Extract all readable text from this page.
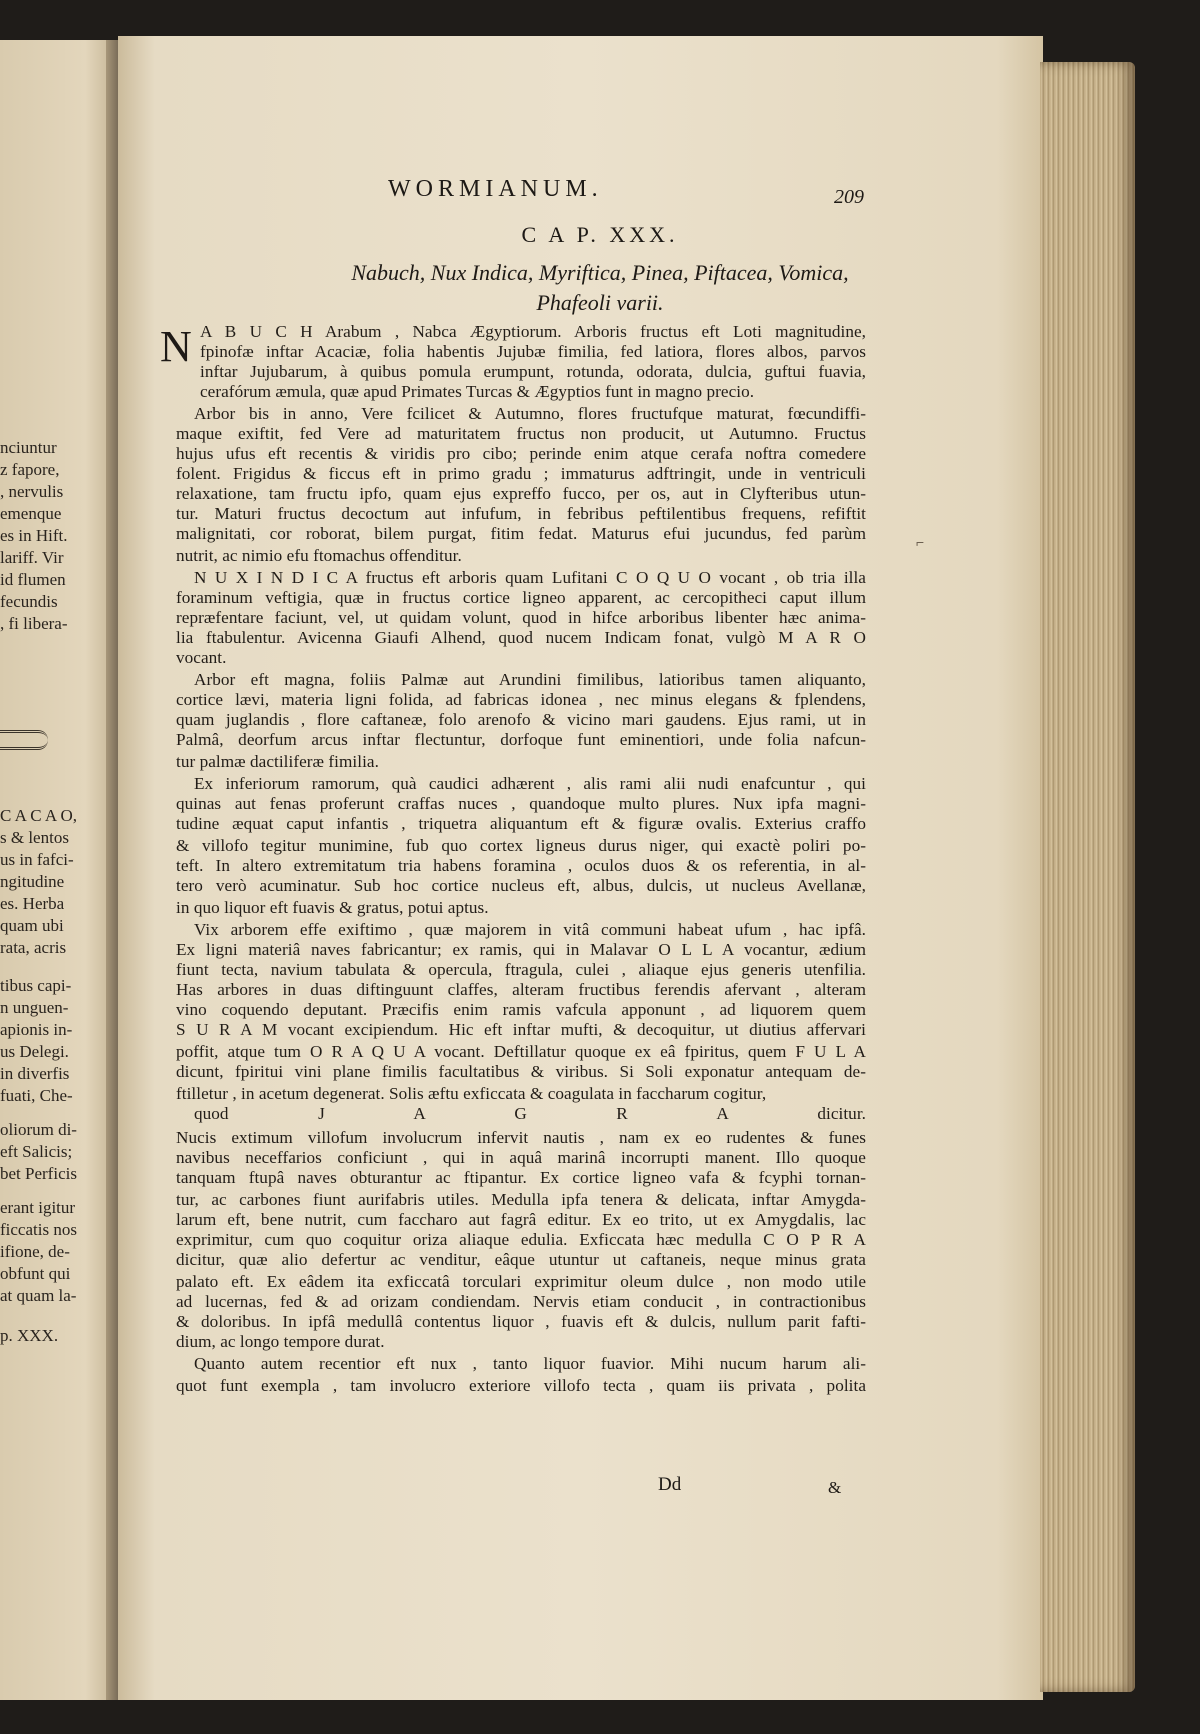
WORMIANUM.	209
C A P. XXX.
Nabuch, Nux Indica, Myriftica, Pinea, Piftacea, Vomica,
Phafeoli varii.
N A B U C H Arabum , Nabca Ægyptiorum. Arboris fructus eft Loti magnitudine,
fpinofæ inftar Acaciæ, folia habentis Jujubæ fimilia, fed latiora, flores albos, parvos
inftar Jujubarum, à quibus pomula erumpunt, rotunda, odorata, dulcia, guftui fuavia,
cerafórum æmula, quæ apud Primates Turcas & Ægyptios funt in magno precio.
Arbor bis in anno, Vere fcilicet & Autumno, flores fructufque maturat, fœcundiffi-
maque exiftit, fed Vere ad maturitatem fructus non producit, ut Autumno. Fructus
hujus ufus eft recentis & viridis pro cibo; perinde enim atque cerafa noftra comedere
folent. Frigidus & ficcus eft in primo gradu ; immaturus adftringit, unde in ventriculi
relaxatione, tam fructu ipfo, quam ejus expreffo fucco, per os, aut in Clyfteribus utun-
tur. Maturi fructus decoctum aut infufum, in febribus peftilentibus frequens, refiftit
malignitati, cor roborat, bilem purgat, fitim fedat. Maturus efui jucundus, fed parùm
nutrit, ac nimio efu ftomachus offenditur.
N U X I N D I C A fructus eft arboris quam Lufitani C O Q U O vocant , ob tria illa
foraminum veftigia, quæ in fructus cortice ligneo apparent, ac cercopitheci caput illum
repræfentare faciunt, vel, ut quidam volunt, quod in hifce arboribus libenter hæc anima-
lia ftabulentur. Avicenna Giaufi Alhend, quod nucem Indicam fonat, vulgò M A R O
vocant.
Arbor eft magna, foliis Palmæ aut Arundini fimilibus, latioribus tamen aliquanto,
cortice lævi, materia ligni folida, ad fabricas idonea , nec minus elegans & fplendens,
quam juglandis , flore caftaneæ, folo arenofo & vicino mari gaudens. Ejus rami, ut in
Palmâ, deorfum arcus inftar flectuntur, dorfoque funt eminentiori, unde folia nafcun-
tur palmæ dactiliferæ fimilia.
Ex inferiorum ramorum, quà caudici adhærent , alis rami alii nudi enafcuntur , qui
quinas aut fenas proferunt craffas nuces , quandoque multo plures. Nux ipfa magni-
tudine æquat caput infantis , triquetra aliquantum eft & figuræ ovalis. Exterius craffo
& villofo tegitur munimine, fub quo cortex ligneus durus niger, qui exactè poliri po-
teft. In altero extremitatum tria habens foramina , oculos duos & os referentia, in al-
tero verò acuminatur. Sub hoc cortice nucleus eft, albus, dulcis, ut nucleus Avellanæ,
in quo liquor eft fuavis & gratus, potui aptus.
Vix arborem effe exiftimo , quæ majorem in vitâ communi habeat ufum , hac ipfâ.
Ex ligni materiâ naves fabricantur; ex ramis, qui in Malavar O L L A vocantur, ædium
fiunt tecta, navium tabulata & opercula, ftragula, culei , aliaque ejus generis utenfilia.
Has arbores in duas diftinguunt claffes, alteram fructibus ferendis afervant , alteram
vino coquendo deputant. Præcifis enim ramis vafcula apponunt , ad liquorem quem
S U R A M vocant excipiendum. Hic eft inftar mufti, & decoquitur, ut diutius affervari
poffit, atque tum O R A Q U A vocant. Deftillatur quoque ex eâ fpiritus, quem F U L A
dicunt, fpiritui vini plane fimilis facultatibus & viribus. Si Soli exponatur antequam de-
ftilletur , in acetum degenerat. Solis æftu exficcata & coagulata in faccharum cogitur,
quod J A G R A dicitur.
Nucis extimum villofum involucrum infervit nautis , nam ex eo rudentes & funes
navibus neceffarios conficiunt , qui in aquâ marinâ incorrupti manent. Illo quoque
tanquam ftupâ naves obturantur ac ftipantur. Ex cortice ligneo vafa & fcyphi tornan-
tur, ac carbones fiunt aurifabris utiles. Medulla ipfa tenera & delicata, inftar Amygda-
larum eft, bene nutrit, cum faccharo aut fagrâ editur. Ex eo trito, ut ex Amygdalis, lac
exprimitur, cum quo coquitur oriza aliaque edulia. Exficcata hæc medulla C O P R A
dicitur, quæ alio defertur ac venditur, eâque utuntur ut caftaneis, neque minus grata
palato eft. Ex eâdem ita exficcatâ torculari exprimitur oleum dulce , non modo utile
ad lucernas, fed & ad orizam condiendam. Nervis etiam conducit , in contractionibus
& doloribus. In ipfâ medullâ contentus liquor , fuavis eft & dulcis, nullum parit fafti-
dium, ac longo tempore durat.
Quanto autem recentior eft nux , tanto liquor fuavior. Mihi nucum harum ali-
quot funt exempla , tam involucro exteriore villofo tecta , quam iis privata , polita
nciuntur
z fapore,
, nervulis
emenque
es in Hift.
lariff. Vir
id flumen
fecundis
, fi libera-
C A C A O,
s & lentos
us in fafci-
ngitudine
es. Herba
quam ubi
rata, acris
tibus capi-
n unguen-
apionis in-
us Delegi.
in diverfis
fuati, Che-
oliorum di-
eft Salicis;
bet Perficis
erant igitur
ficcatis nos
ifione, de-
obfunt qui
at quam la-
p. XXX.
⌐
Dd	&
